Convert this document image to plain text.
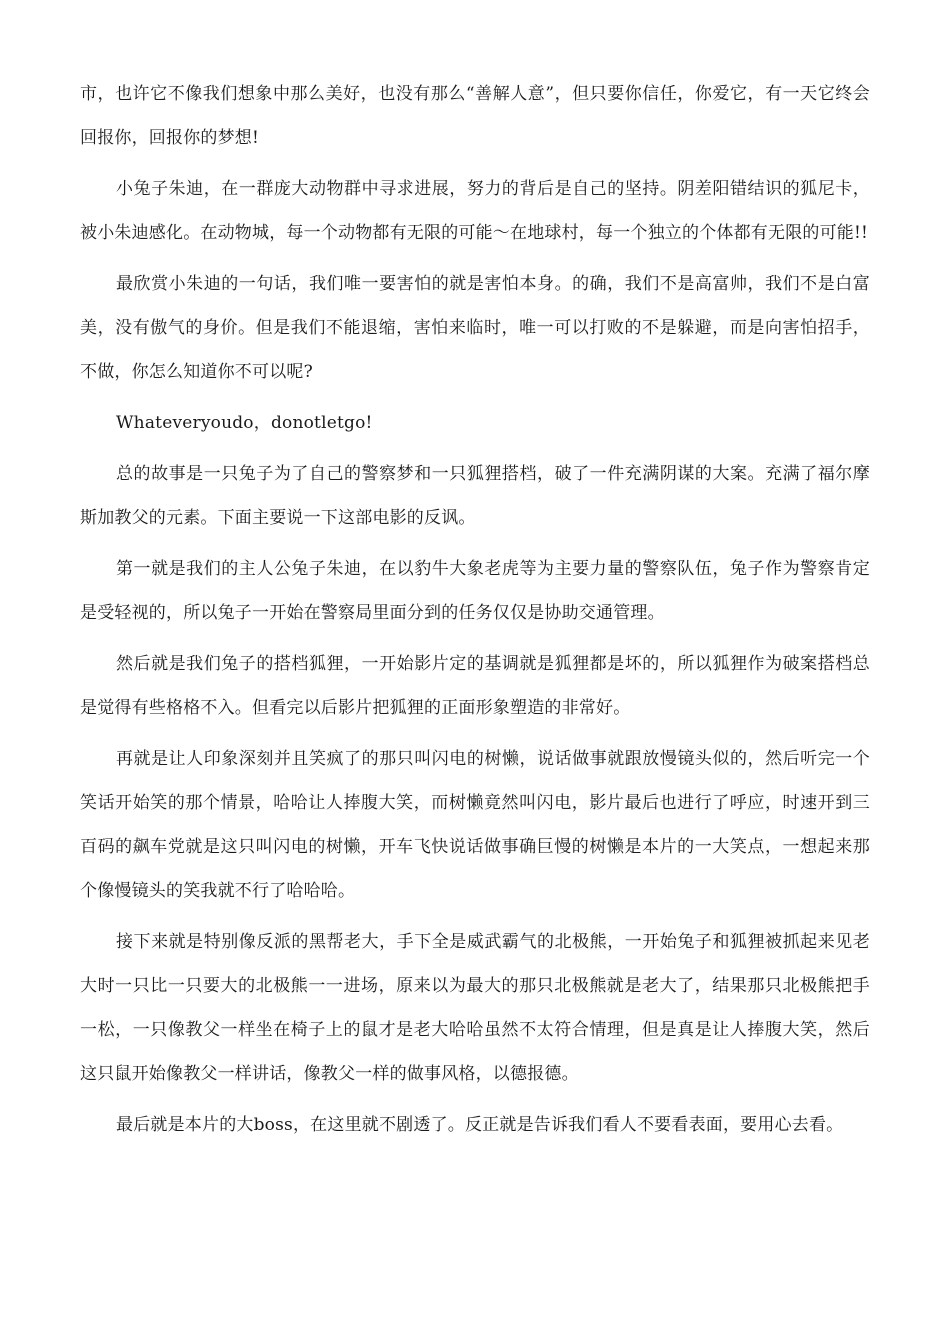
市，也许它不像我们想象中那么美好，也没有那么“善解人意”，但只要你信任，你爱它，有一天它终会回报你，回报你的梦想!

小兔子朱迪，在一群庞大动物群中寻求进展，努力的背后是自己的坚持。阴差阳错结识的狐尼卡，被小朱迪感化。在动物城，每一个动物都有无限的可能～在地球村，每一个独立的个体都有无限的可能!!

最欣赏小朱迪的一句话，我们唯一要害怕的就是害怕本身。的确，我们不是高富帅，我们不是白富美，没有傲气的身价。但是我们不能退缩，害怕来临时，唯一可以打败的不是躲避，而是向害怕招手，不做，你怎么知道你不可以呢?

Whateveryoudo，donotletgo!

总的故事是一只兔子为了自己的警察梦和一只狐狸搭档，破了一件充满阴谋的大案。充满了福尔摩斯加教父的元素。下面主要说一下这部电影的反讽。

第一就是我们的主人公兔子朱迪，在以豹牛大象老虎等为主要力量的警察队伍，兔子作为警察肯定是受轻视的，所以兔子一开始在警察局里面分到的任务仅仅是协助交通管理。

然后就是我们兔子的搭档狐狸，一开始影片定的基调就是狐狸都是坏的，所以狐狸作为破案搭档总是觉得有些格格不入。但看完以后影片把狐狸的正面形象塑造的非常好。

再就是让人印象深刻并且笑疯了的那只叫闪电的树懒，说话做事就跟放慢镜头似的，然后听完一个笑话开始笑的那个情景，哈哈让人捧腹大笑，而树懒竟然叫闪电，影片最后也进行了呼应，时速开到三百码的飙车党就是这只叫闪电的树懒，开车飞快说话做事确巨慢的树懒是本片的一大笑点，一想起来那个像慢镜头的笑我就不行了哈哈哈。

接下来就是特别像反派的黑帮老大，手下全是威武霸气的北极熊，一开始兔子和狐狸被抓起来见老大时一只比一只要大的北极熊一一进场，原来以为最大的那只北极熊就是老大了，结果那只北极熊把手一松，一只像教父一样坐在椅子上的鼠才是老大哈哈虽然不太符合情理，但是真是让人捧腹大笑，然后这只鼠开始像教父一样讲话，像教父一样的做事风格，以德报德。

最后就是本片的大boss，在这里就不剧透了。反正就是告诉我们看人不要看表面，要用心去看。
